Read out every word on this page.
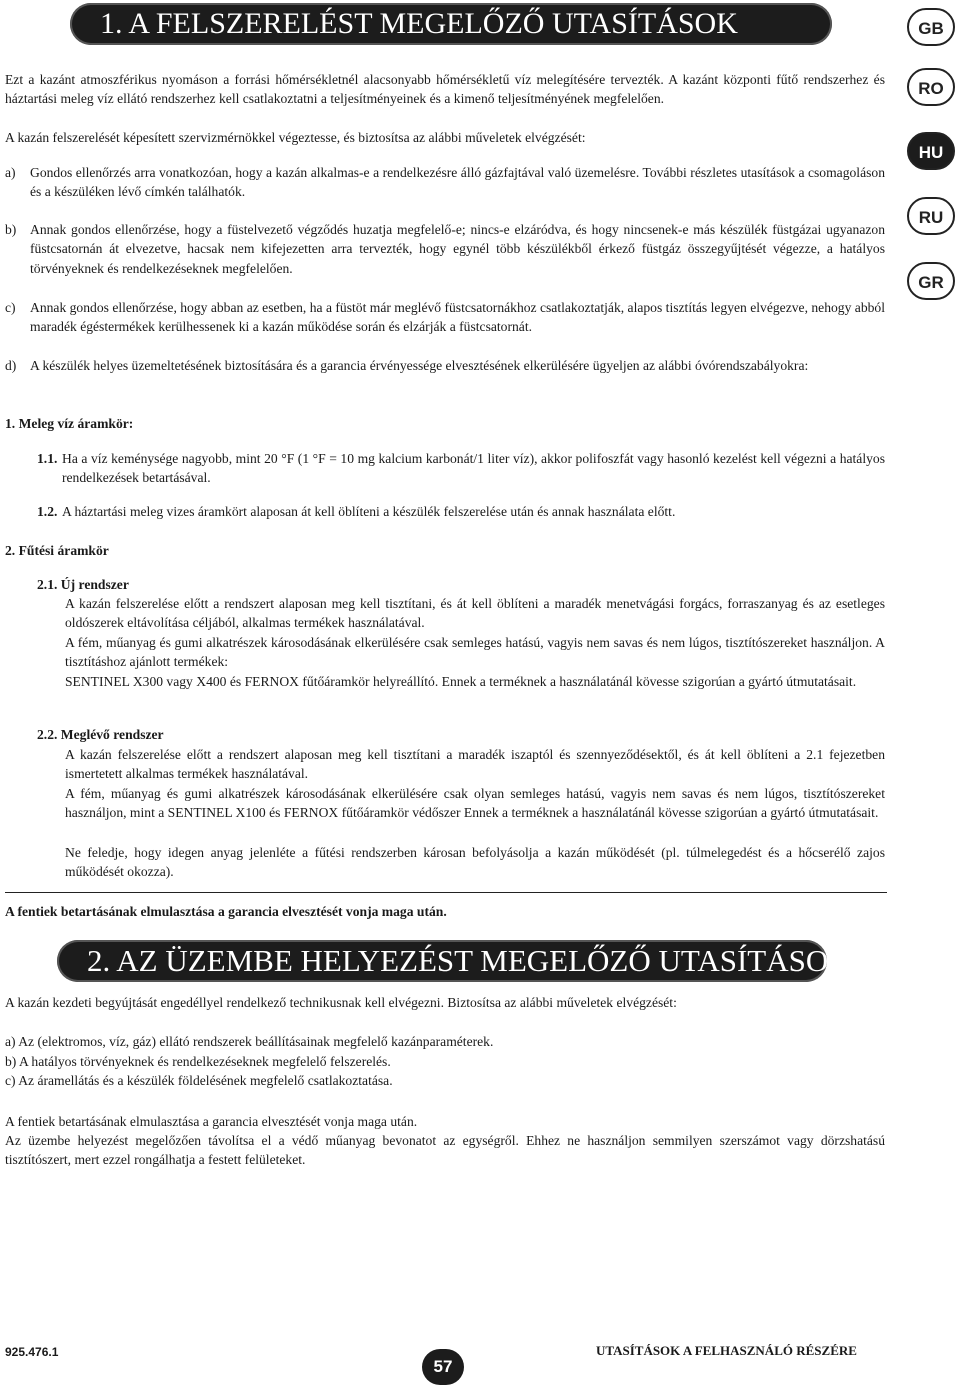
1. A FELSZERELÉST MEGELŐZŐ UTASÍTÁSOK	GB
RO
HU
RU
GR
Ezt a kazánt atmoszférikus nyomáson a forrási hőmérsékletnél alacsonyabb hőmérsékletű víz melegítésére tervezték. A kazánt központi fűtő rendszerhez és háztartási meleg víz ellátó rendszerhez kell csatlakoztatni a teljesítményeinek és a kimenő teljesítményének megfelelően.
A kazán felszerelését képesített szervizmérnökkel végeztesse, és biztosítsa az alábbi műveletek elvégzését:
a) Gondos ellenőrzés arra vonatkozóan, hogy a kazán alkalmas-e a rendelkezésre álló gázfajtával való üzemelésre. További részletes utasítások a csomagoláson és a készüléken lévő címkén találhatók.
b) Annak gondos ellenőrzése, hogy a füstelvezető végződés huzatja megfelelő-e; nincs-e elzáródva, és hogy nincsenek-e más készülék füstgázai ugyanazon füstcsatornán át elvezetve, hacsak nem kifejezetten arra tervezték, hogy egynél több készülékből érkező füstgáz összegyűjtését végezze, a hatályos törvényeknek és rendelkezéseknek megfelelően.
c) Annak gondos ellenőrzése, hogy abban az esetben, ha a füstöt már meglévő füstcsatornákhoz csatlakoztatják, alapos tisztítás legyen elvégezve, nehogy abból maradék égéstermékek kerülhessenek ki a kazán működése során és elzárják a füstcsatornát.
d) A készülék helyes üzemeltetésének biztosítására és a garancia érvényessége elvesztésének elkerülésére ügyeljen az alábbi óvórendszabályokra:
1. Meleg víz áramkör:
1.1. Ha a víz keménysége nagyobb, mint 20 °F (1 °F = 10 mg kalcium karbonát/1 liter víz), akkor polifoszfát vagy hasonló kezelést kell végezni a hatályos rendelkezések betartásával.
1.2. A háztartási meleg vizes áramkört alaposan át kell öblíteni a készülék felszerelése után és annak használata előtt.
2. Fűtési áramkör
2.1. Új rendszer
A kazán felszerelése előtt a rendszert alaposan meg kell tisztítani, és át kell öblíteni a maradék menetvágási forgács, forraszanyag és az esetleges oldószerek eltávolítása céljából, alkalmas termékek használatával.
A fém, műanyag és gumi alkatrészek károsodásának elkerülésére csak semleges hatású, vagyis nem savas és nem lúgos, tisztítószereket használjon. A tisztításhoz ajánlott termékek:
SENTINEL X300 vagy X400 és FERNOX fűtőáramkör helyreállító. Ennek a terméknek a használatánál kövesse szigorúan a gyártó útmutatásait.
2.2. Meglévő rendszer
A kazán felszerelése előtt a rendszert alaposan meg kell tisztítani a maradék iszaptól és szennyeződésektől, és át kell öblíteni a 2.1 fejezetben ismertetett alkalmas termékek használatával.
A fém, műanyag és gumi alkatrészek károsodásának elkerülésére csak olyan semleges hatású, vagyis nem savas és nem lúgos, tisztítószereket használjon, mint a SENTINEL X100 és FERNOX fűtőáramkör védőszer Ennek a terméknek a használatánál kövesse szigorúan a gyártó útmutatásait.
Ne feledje, hogy idegen anyag jelenléte a fűtési rendszerben károsan befolyásolja a kazán működését (pl. túlmelegedést és a hőcserélő zajos működését okozza).
A fentiek betartásának elmulasztása a garancia elvesztését vonja maga után.
2. AZ ÜZEMBE HELYEZÉST MEGELŐZŐ UTASÍTÁSOK
A kazán kezdeti begyújtását engedéllyel rendelkező technikusnak kell elvégezni. Biztosítsa az alábbi műveletek elvégzését:
a) Az (elektromos, víz, gáz) ellátó rendszerek beállításainak megfelelő kazánparaméterek.
b) A hatályos törvényeknek és rendelkezéseknek megfelelő felszerelés.
c) Az áramellátás és a készülék földelésének megfelelő csatlakoztatása.
A fentiek betartásának elmulasztása a garancia elvesztését vonja maga után.
Az üzembe helyezést megelőzően távolítsa el a védő műanyag bevonatot az egységről. Ehhez ne használjon semmilyen szerszámot vagy dörzshatású tisztítószert, mert ezzel rongálhatja a festett felületeket.
925.476.1
57
UTASÍTÁSOK A FELHASZNÁLÓ RÉSZÉRE
